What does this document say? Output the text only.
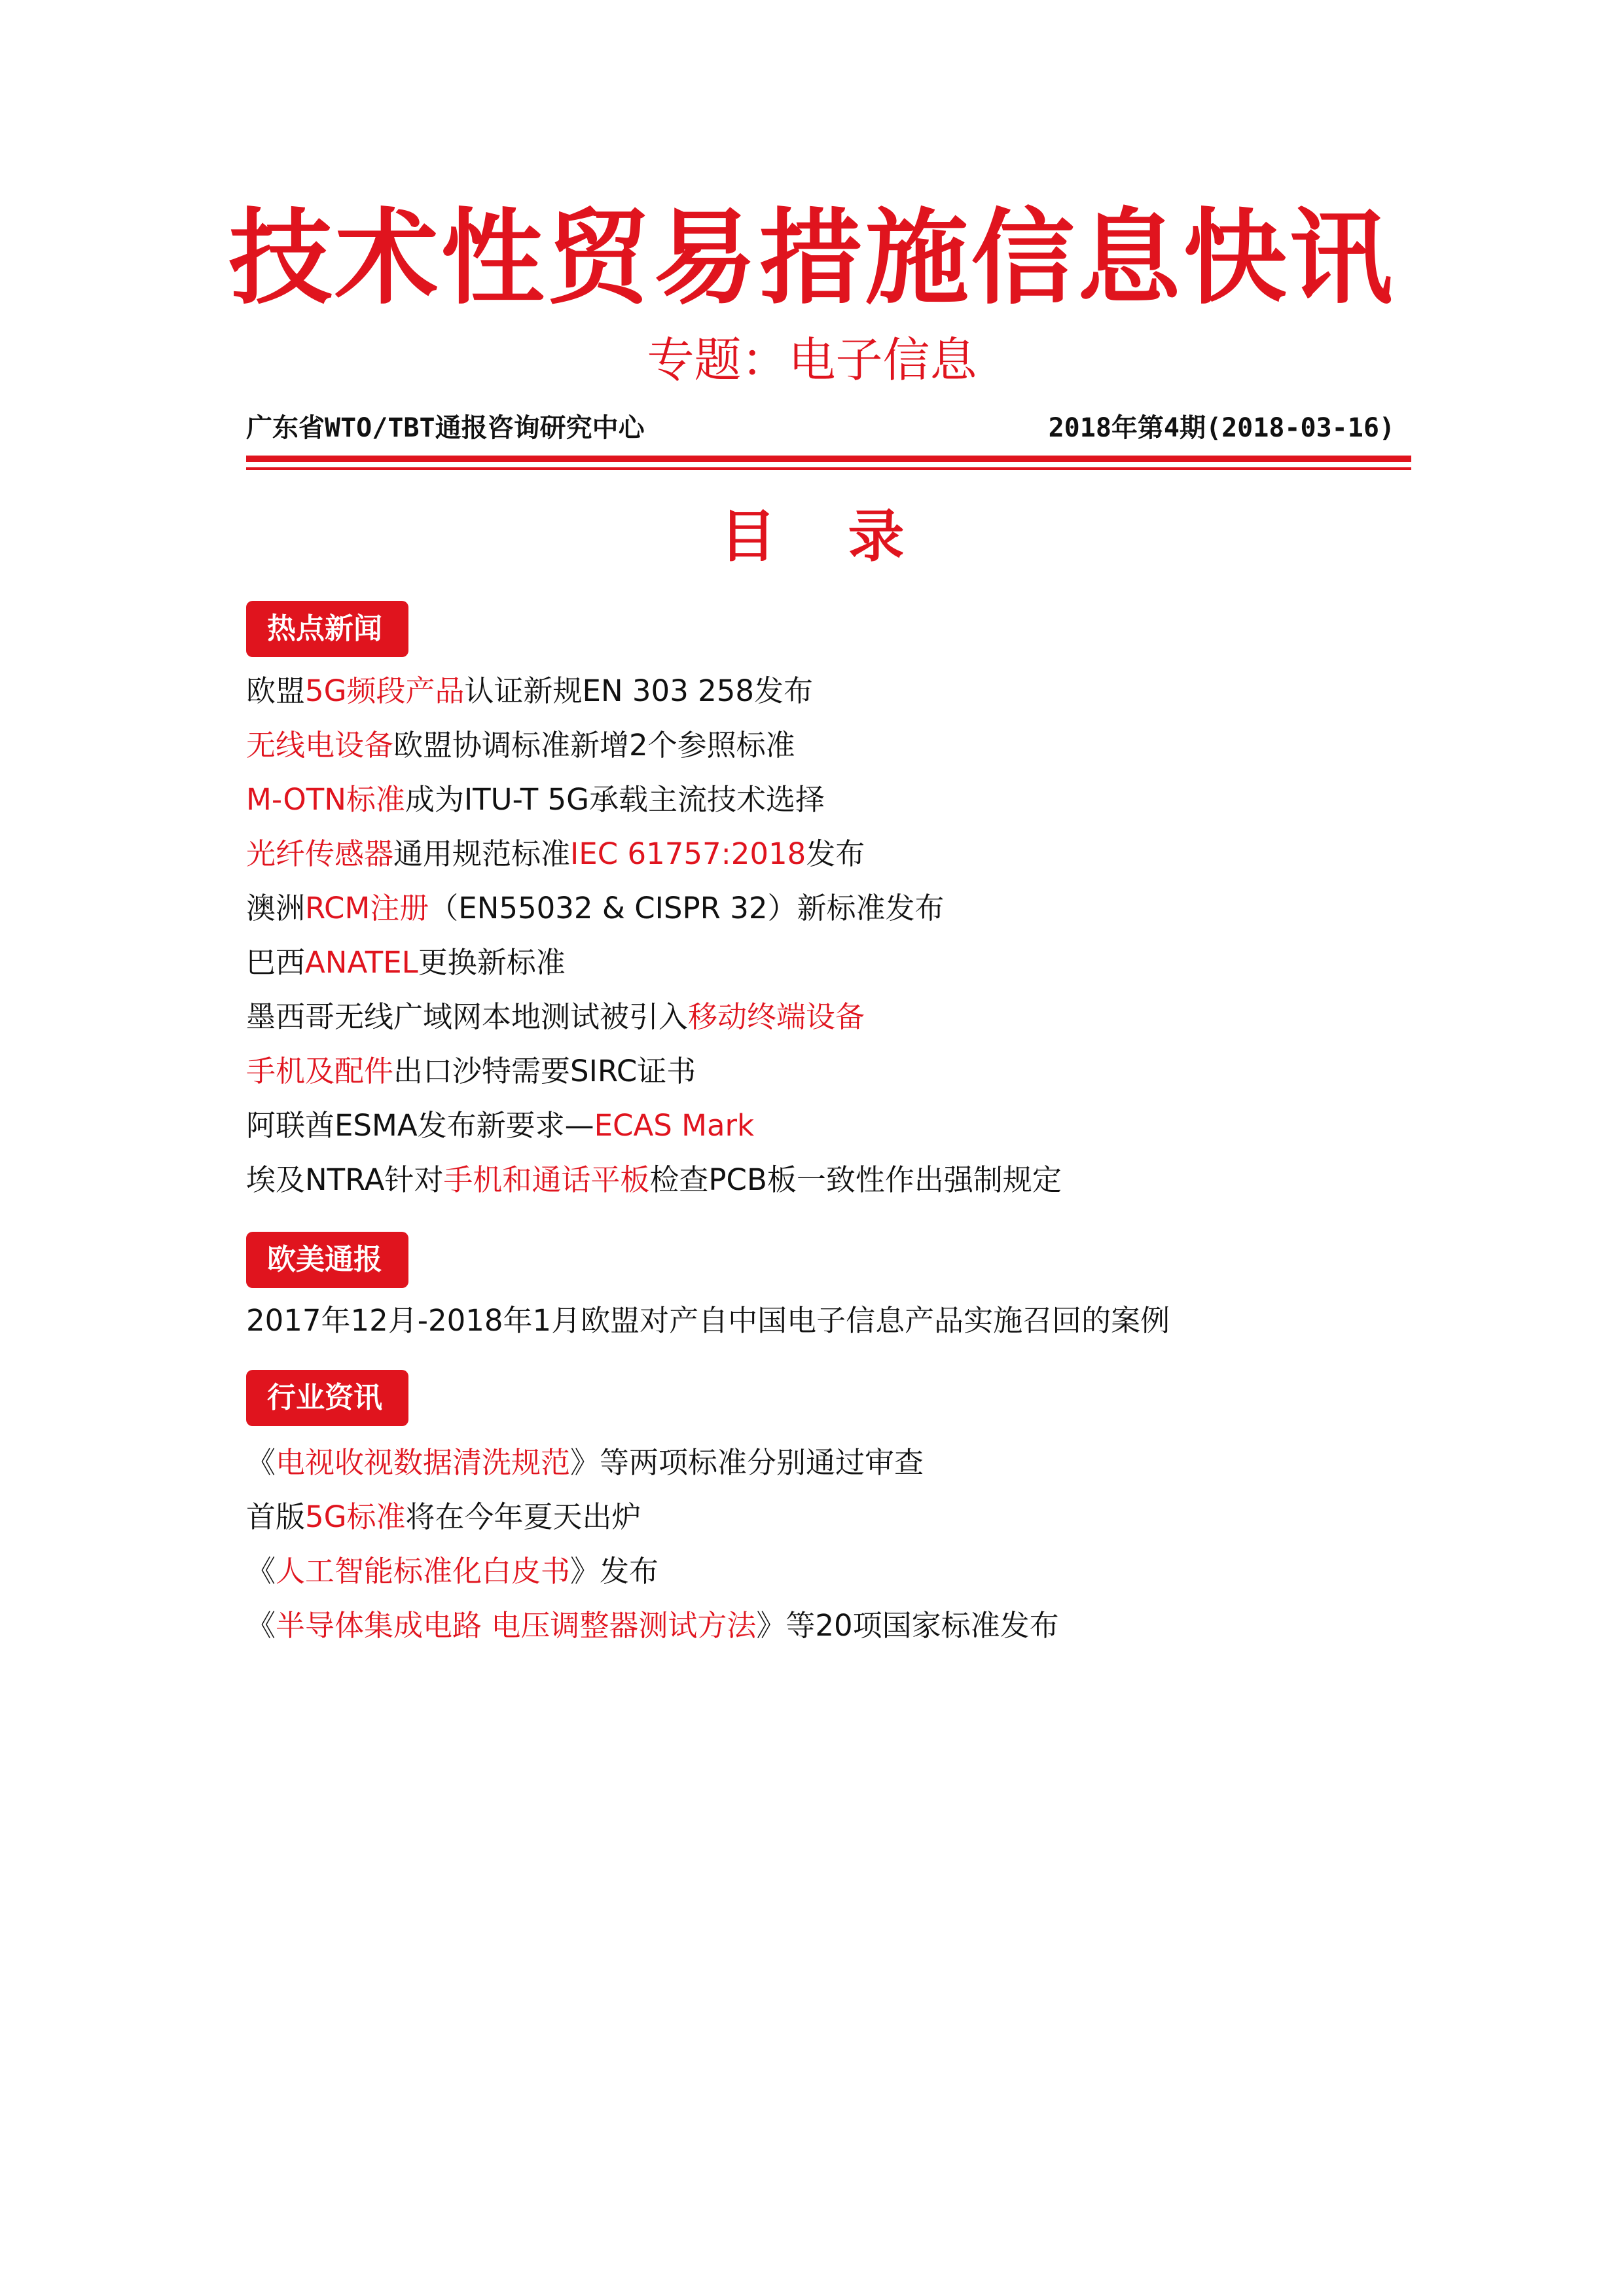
技术性贸易措施信息快讯
专题：电子信息
广东省WTO/TBT通报咨询研究中心	2018年第4期(2018-03-16)
目录
热点新闻
欧盟5G频段产品认证新规EN 303 258发布
无线电设备欧盟协调标准新增2个参照标准
M-OTN标准成为ITU-T 5G承载主流技术选择
光纤传感器通用规范标准IEC 61757:2018发布
澳洲RCM注册（EN55032 & CISPR 32）新标准发布
巴西ANATEL更换新标准
墨西哥无线广域网本地测试被引入移动终端设备
手机及配件出口沙特需要SIRC证书
阿联酋ESMA发布新要求—ECAS Mark
埃及NTRA针对手机和通话平板检查PCB板一致性作出强制规定
欧美通报
2017年12月-2018年1月欧盟对产自中国电子信息产品实施召回的案例
行业资讯
《电视收视数据清洗规范》等两项标准分别通过审查
首版5G标准将在今年夏天出炉
《人工智能标准化白皮书》发布
《半导体集成电路 电压调整器测试方法》等20项国家标准发布
